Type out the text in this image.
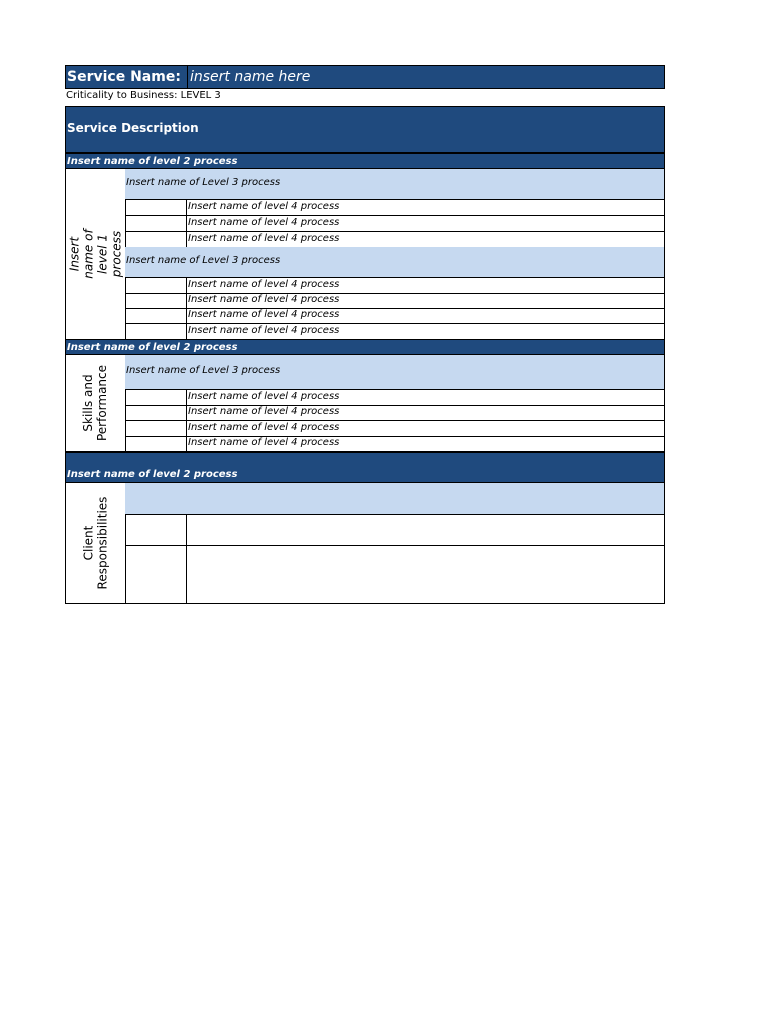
Service Name: insert name here
Criticality to Business: LEVEL 3
Service Description
Insert name of level 2 process
Insert name of level 1 process
Insert name of Level 3 process
Insert name of level 4 process
Insert name of level 4 process
Insert name of level 4 process
Insert name of Level 3 process
Insert name of level 4 process
Insert name of level 4 process
Insert name of level 4 process
Insert name of level 4 process
Insert name of level 2 process
Skills and Performance Insert name of Level 3 process
Insert name of level 4 process
Insert name of level 4 process
Insert name of level 4 process
Insert name of level 4 process
Insert name of level 2 process
Client Responsibilities
